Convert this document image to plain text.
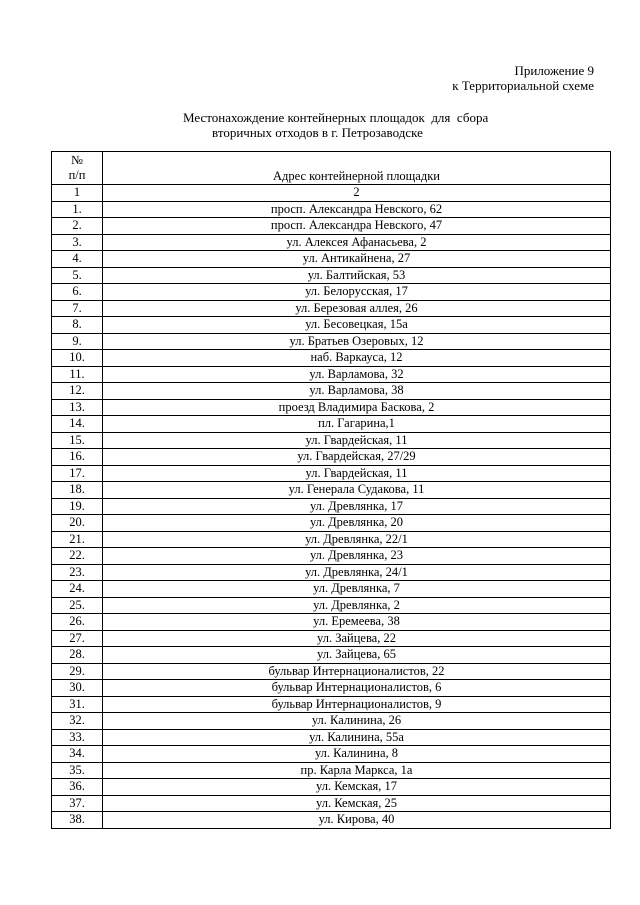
Приложение 9
к Территориальной схеме
Местонахождение контейнерных площадок  для  сбора
вторичных отходов в г. Петрозаводске
№
п/п	Адрес контейнерной площадки
1	2
1.	просп. Александра Невского, 62
2.	просп. Александра Невского, 47
3.	ул. Алексея Афанасьева, 2
4.	ул. Антикайнена, 27
5.	ул. Балтийская, 53
6.	ул. Белорусская, 17
7.	ул. Березовая аллея, 26
8.	ул. Бесовецкая, 15а
9.	ул. Братьев Озеровых, 12
10.	наб. Варкауса, 12
11.	ул. Варламова, 32
12.	ул. Варламова, 38
13.	проезд Владимира Баскова, 2
14.	пл. Гагарина,1
15.	ул. Гвардейская, 11
16.	ул. Гвардейская, 27/29
17.	ул. Гвардейская, 11
18.	ул. Генерала Судакова, 11
19.	ул. Древлянка, 17
20.	ул. Древлянка, 20
21.	ул. Древлянка, 22/1
22.	ул. Древлянка, 23
23.	ул. Древлянка, 24/1
24.	ул. Древлянка, 7
25.	ул. Древлянка, 2
26.	ул. Еремеева, 38
27.	ул. Зайцева, 22
28.	ул. Зайцева, 65
29.	бульвар Интернационалистов, 22
30.	бульвар Интернационалистов, 6
31.	бульвар Интернационалистов, 9
32.	ул. Калинина, 26
33.	ул. Калинина, 55а
34.	ул. Калинина, 8
35.	пр. Карла Маркса, 1а
36.	ул. Кемская, 17
37.	ул. Кемская, 25
38.	ул. Кирова, 40
